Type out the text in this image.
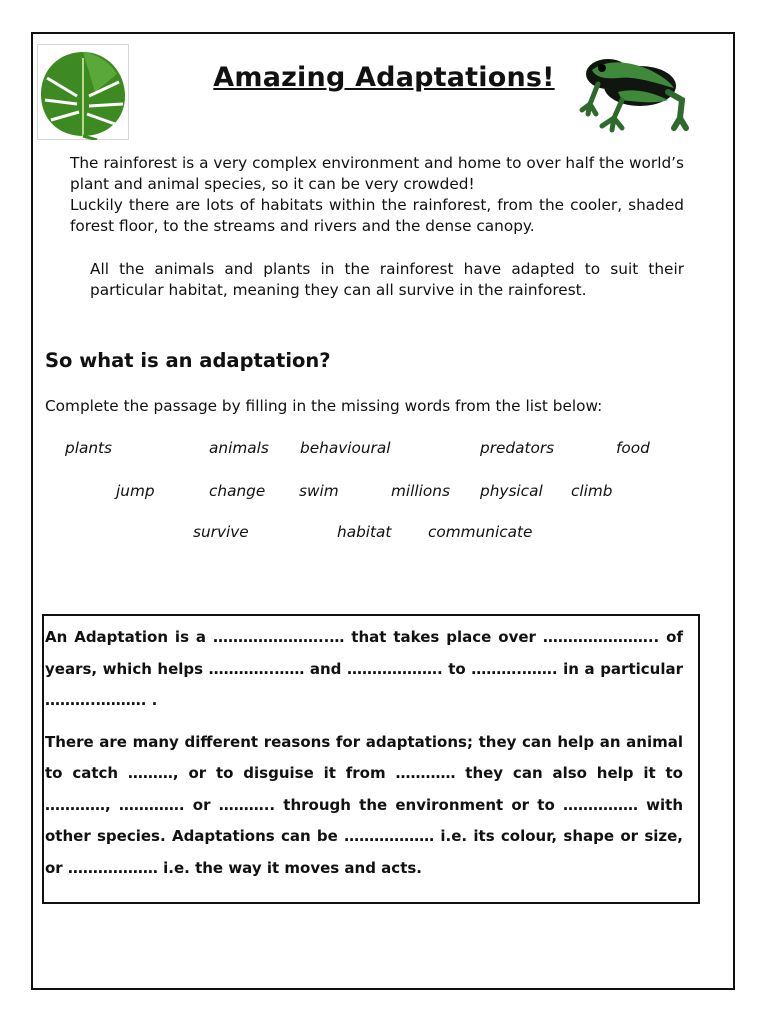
Amazing Adaptations!

The rainforest is a very complex environment and home to over half the world’s plant and animal species, so it can be very crowded!

Luckily there are lots of habitats within the rainforest, from the cooler, shaded forest floor, to the streams and rivers and the dense canopy.

All the animals and plants in the rainforest have adapted to suit their particular habitat, meaning they can all survive in the rainforest.

So what is an adaptation?

Complete the passage by filling in the missing words from the list below:

plants	animals behavioural	predators	food
jump	change swim	millions physical climb
survive	habitat communicate

An Adaptation is a …………………..… that takes place over ………………….. of years, which helps ………….…… and ………………. to ……….……. in a particular ……….………. .

There are many different reasons for adaptations; they can help an animal to catch ………, or to disguise it from ………… they can also help it to …………, …………. or ……….. through the environment or to …………… with other species. Adaptations can be ……………… i.e. its colour, shape or size, or ……………… i.e. the way it moves and acts.
